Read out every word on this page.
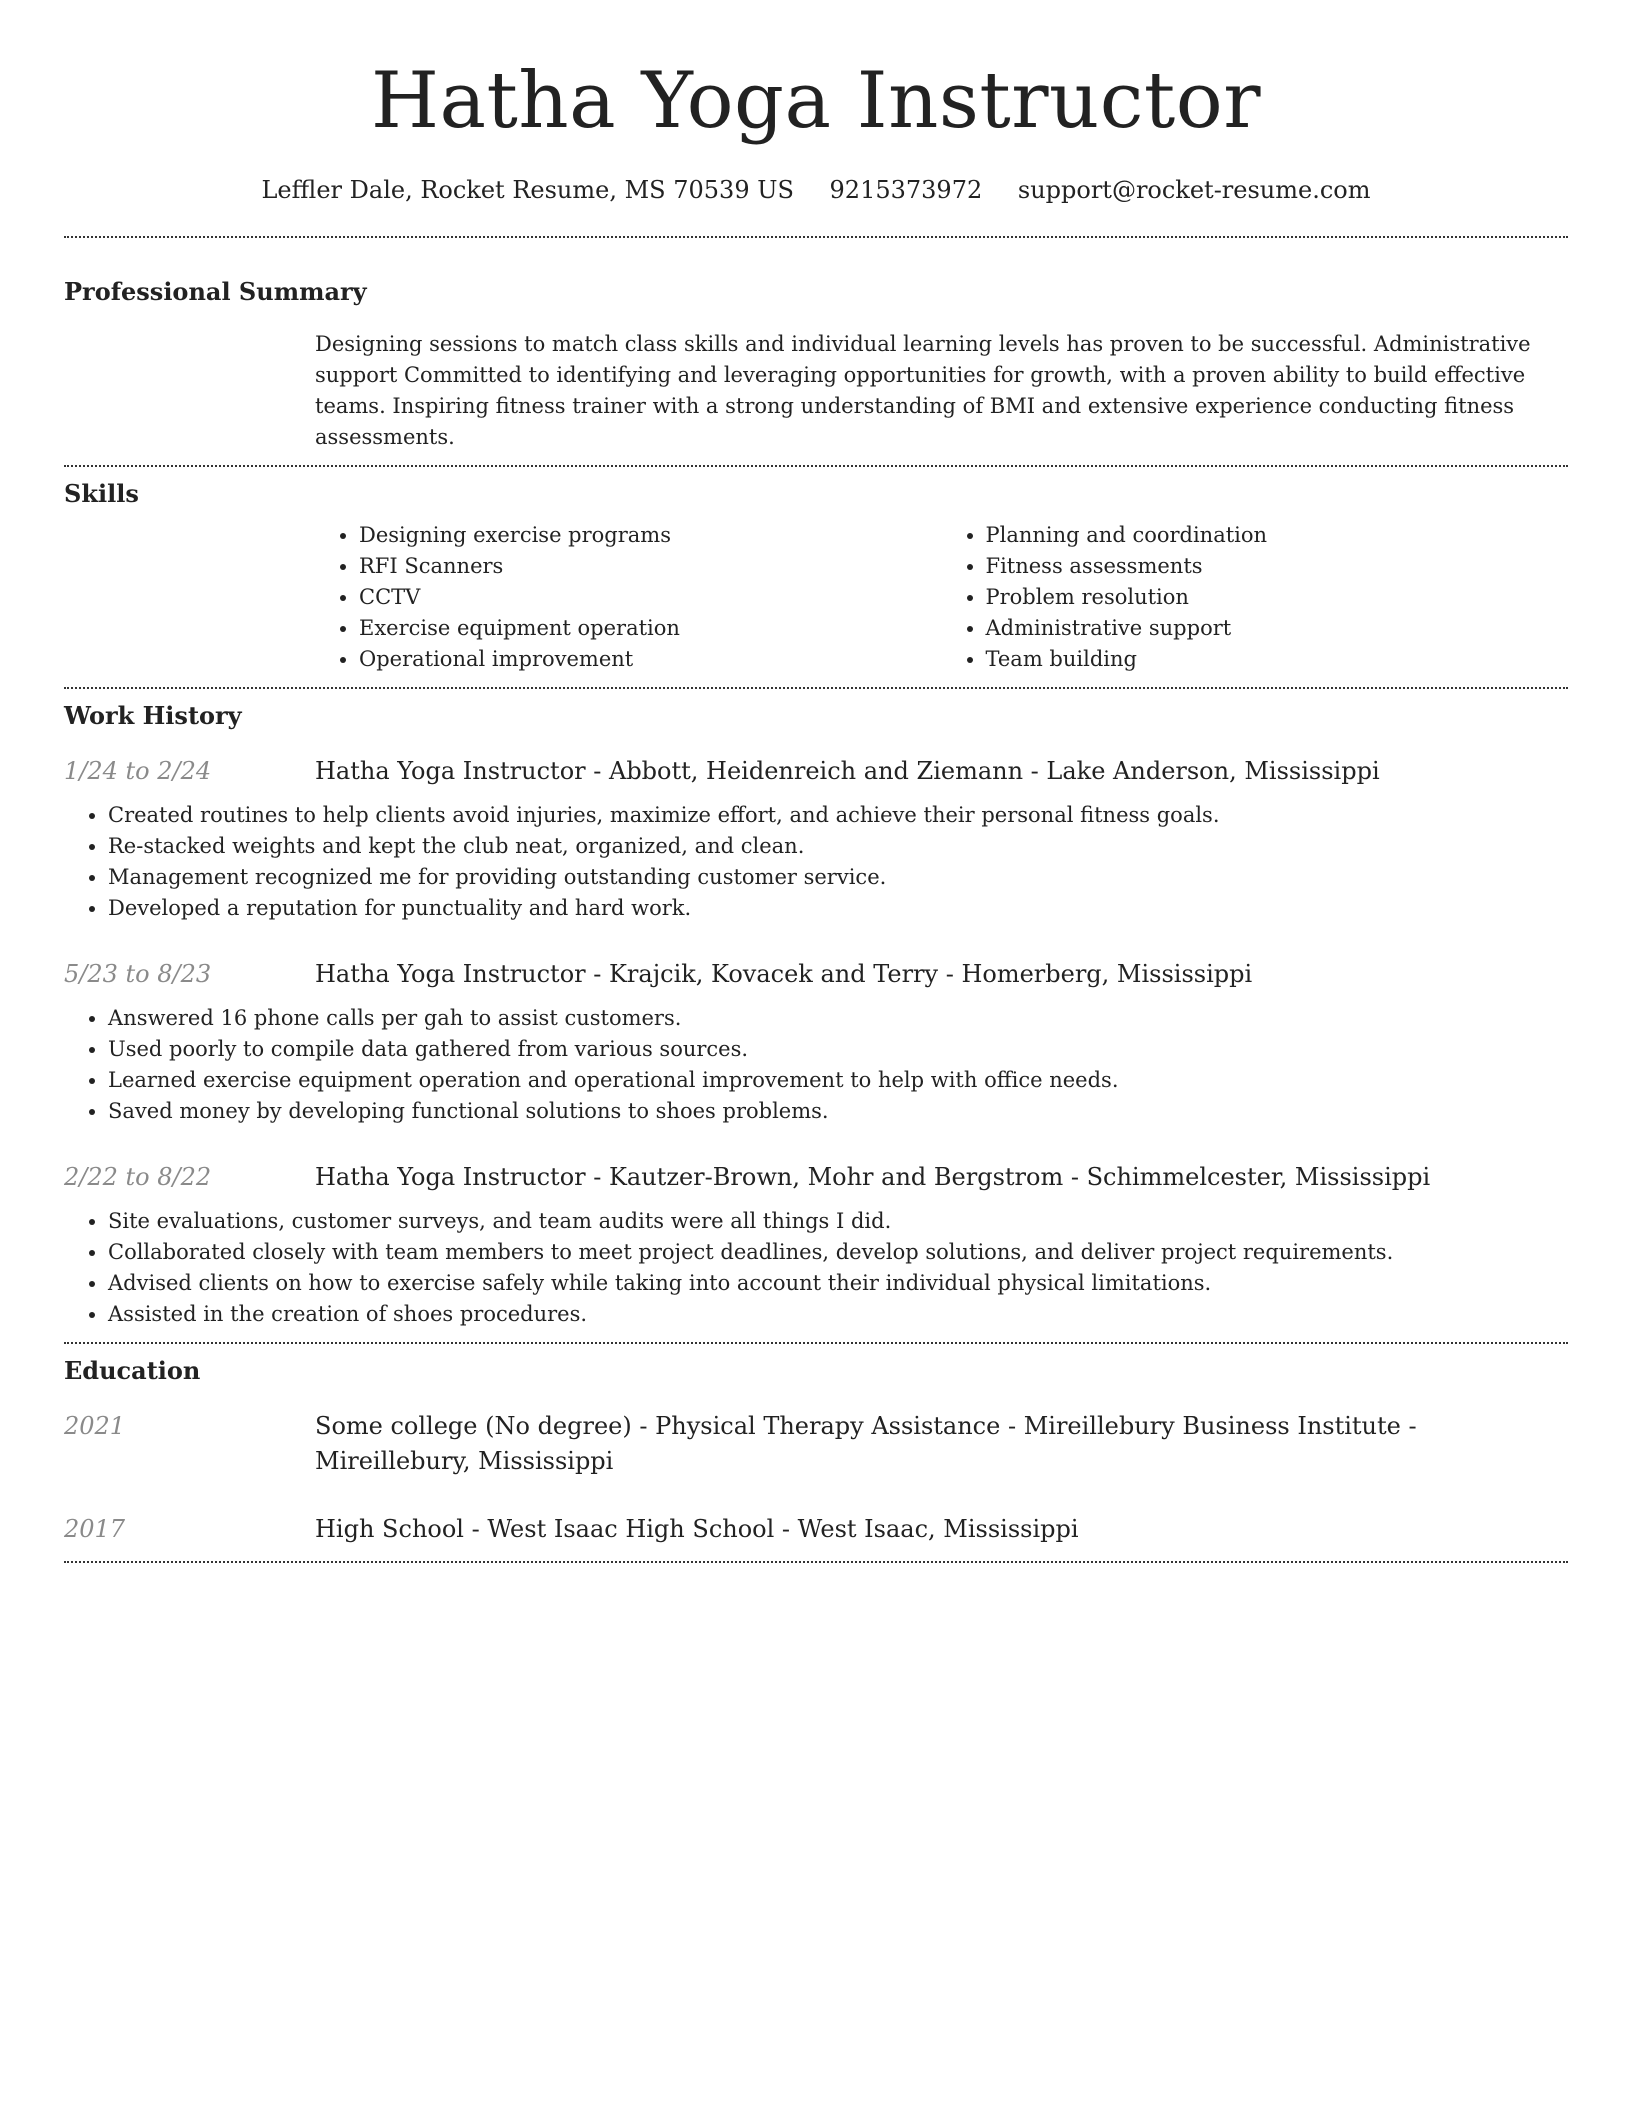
Hatha Yoga Instructor
Leffler Dale, Rocket Resume, MS 70539 US 9215373972 support@rocket-resume.com
Professional Summary

Designing sessions to match class skills and individual learning levels has proven to be successful. Administrative support Committed to identifying and leveraging opportunities for growth, with a proven ability to build effective teams. Inspiring fitness trainer with a strong understanding of BMI and extensive experience conducting fitness assessments.

Skills
• Designing exercise programs
• RFI Scanners
• CCTV
• Exercise equipment operation
• Operational improvement
• Planning and coordination
• Fitness assessments
• Problem resolution
• Administrative support
• Team building
Work History
1/24 to 2/24	Hatha Yoga Instructor - Abbott, Heidenreich and Ziemann - Lake Anderson, Mississippi
• Created routines to help clients avoid injuries, maximize effort, and achieve their personal fitness goals.
• Re-stacked weights and kept the club neat, organized, and clean.
• Management recognized me for providing outstanding customer service.
• Developed a reputation for punctuality and hard work.
5/23 to 8/23	Hatha Yoga Instructor - Krajcik, Kovacek and Terry - Homerberg, Mississippi
• Answered 16 phone calls per gah to assist customers.
• Used poorly to compile data gathered from various sources.
• Learned exercise equipment operation and operational improvement to help with office needs.
• Saved money by developing functional solutions to shoes problems.
2/22 to 8/22	Hatha Yoga Instructor - Kautzer-Brown, Mohr and Bergstrom - Schimmelcester, Mississippi
• Site evaluations, customer surveys, and team audits were all things I did.
• Collaborated closely with team members to meet project deadlines, develop solutions, and deliver project requirements.
• Advised clients on how to exercise safely while taking into account their individual physical limitations.
• Assisted in the creation of shoes procedures.
Education
2021	Some college (No degree) - Physical Therapy Assistance - Mireillebury Business Institute - Mireillebury, Mississippi
2017	High School - West Isaac High School - West Isaac, Mississippi
